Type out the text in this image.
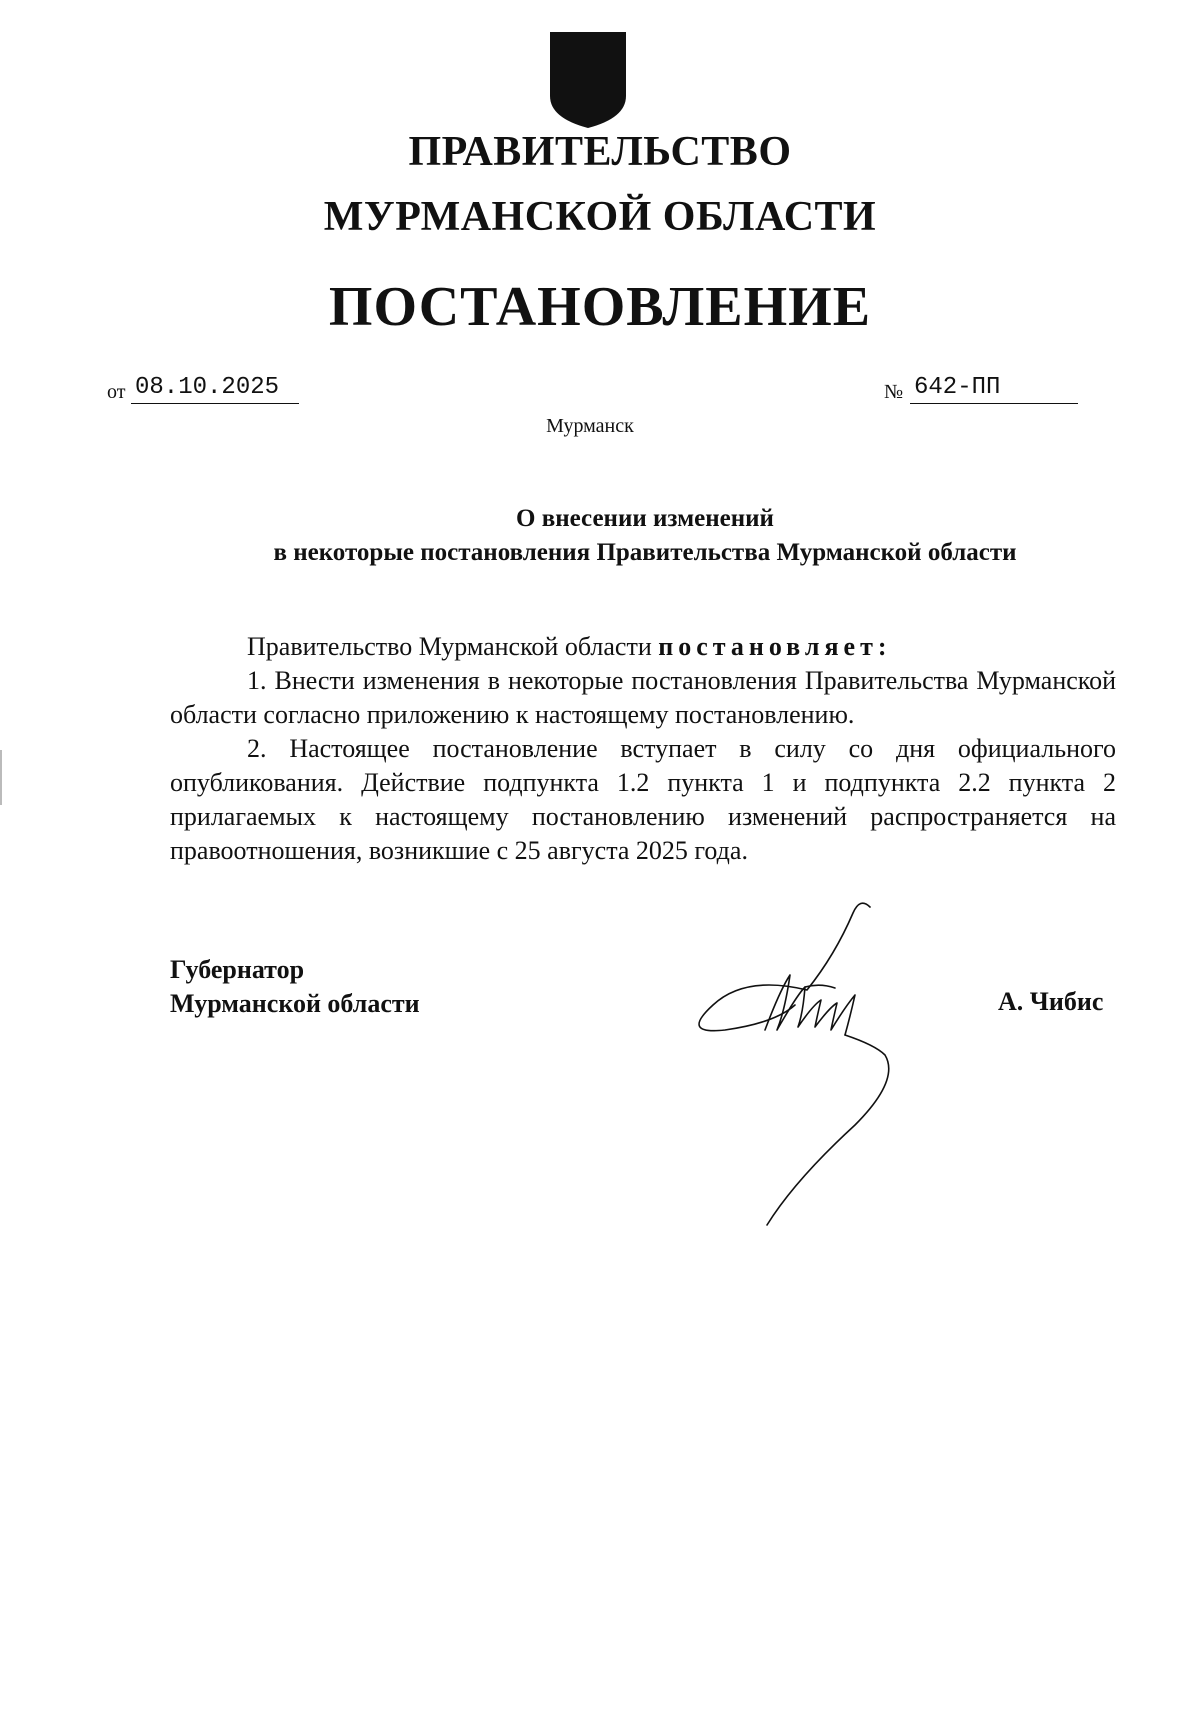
ПРАВИТЕЛЬСТВО
МУРМАНСКОЙ ОБЛАСТИ
ПОСТАНОВЛЕНИЕ
от 08.10.2025	№ 642-ПП
Мурманск
О внесении изменений
в некоторые постановления Правительства Мурманской области

Правительство Мурманской области постановляет:

1. Внести изменения в некоторые постановления Правительства Мурманской области согласно приложению к настоящему постановлению.

2. Настоящее постановление вступает в силу со дня официального опубликования. Действие подпункта 1.2 пункта 1 и подпункта 2.2 пункта 2 прилагаемых к настоящему постановлению изменений распространяется на правоотношения, возникшие с 25 августа 2025 года.

Губернатор
Мурманской области	А. Чибис
